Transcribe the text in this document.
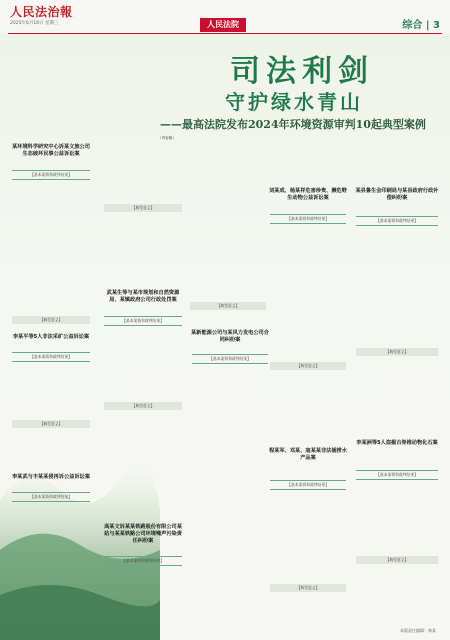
人民法治報
2025年6月18日 星期三	人民法院	综合 | 3
司法利剑
守护绿水青山
——最高法院发布2024年环境资源审判10起典型案例
（内容略）
某环境科学研究中心诉某文旅公司生态破坏民事公益诉讼案
【基本案情和裁判结果】
【典型意义】
李某平等5人非法采矿公益诉讼案
【基本案情和裁判结果】
【典型意义】
李某武与丰某某侵再诉公益诉讼案
【基本案情和裁判结果】
武某生等与某市规划和自然资源局、某镇政府公司行政处罚案
【基本案情和裁判结果】
【典型意义】
【典型意义】
高某文诉某某铁路股份有限公司某站与某某铁路公司环境噪声污染责任纠纷案
【基本案情和裁判结果】
刘某成、杨某祥危害珍贵、濒危野生动物公益诉讼案
【基本案情和裁判结果】
【典型意义】
某新能源公司与某风力发电公司合同纠纷案
【基本案情和裁判结果】
【典型意义】
程某军、邓某、寇某某非法捕捞水产品案
【基本案情和裁判结果】
【典型意义】
某县鲁生会印刷局与某县政府行政补偿纠纷案
【基本案情和裁判结果】
【典型意义】
李某洲等5人盗掘古脊椎动物化石案
【基本案情和裁判结果】
【典型意义】
本版责任编辑：林某
